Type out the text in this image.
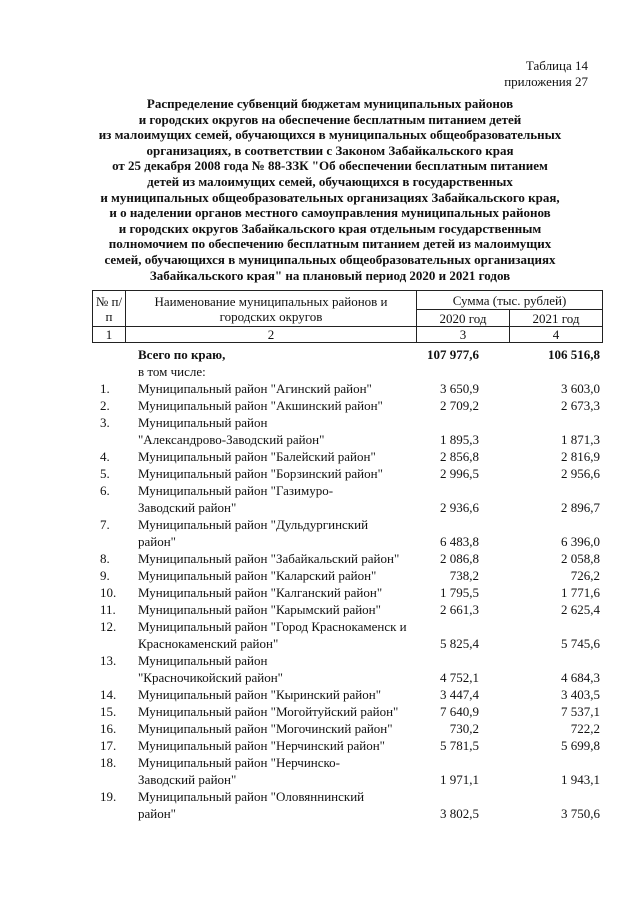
Таблица 14
приложения 27
Распределение субвенций бюджетам муниципальных районов
и городских округов на обеспечение бесплатным питанием детей
из малоимущих семей, обучающихся в муниципальных общеобразовательных
организациях, в соответствии с Законом Забайкальского края
от 25 декабря 2008 года № 88-ЗЗК "Об обеспечении бесплатным питанием
детей из малоимущих семей, обучающихся в государственных
и муниципальных общеобразовательных организациях Забайкальского края,
и о наделении органов местного самоуправления муниципальных районов
и городских округов Забайкальского края отдельным государственным
полномочием по обеспечению бесплатным питанием детей из малоимущих
семей, обучающихся в муниципальных общеобразовательных организациях
Забайкальского края" на плановый период 2020 и 2021 годов
№ п/п	Наименование муниципальных районов и городских округов	Сумма (тыс. рублей)	
		2020 год	2021 год
1	2	3	4
Всего по краю,	107 977,6	106 516,8
в том числе:
1. Муниципальный район "Агинский район"	3 650,9	3 603,0
2. Муниципальный район "Акшинский район"	2 709,2	2 673,3
3. Муниципальный район "Александрово-Заводский район"	1 895,3	1 871,3
4. Муниципальный район "Балейский район"	2 856,8	2 816,9
5. Муниципальный район "Борзинский район"	2 996,5	2 956,6
6. Муниципальный район "Газимуро-Заводский район"	2 936,6	2 896,7
7. Муниципальный район "Дульдургинский район"	6 483,8	6 396,0
8. Муниципальный район "Забайкальский район"	2 086,8	2 058,8
9. Муниципальный район "Каларский район"	738,2	726,2
10. Муниципальный район "Калганский район"	1 795,5	1 771,6
11. Муниципальный район "Карымский район"	2 661,3	2 625,4
12. Муниципальный район "Город Краснокаменск и Краснокаменский район"	5 825,4	5 745,6
13. Муниципальный район "Красночикойский район"	4 752,1	4 684,3
14. Муниципальный район "Кыринский район"	3 447,4	3 403,5
15. Муниципальный район "Могойтуйский район"	7 640,9	7 537,1
16. Муниципальный район "Могочинский район"	730,2	722,2
17. Муниципальный район "Нерчинский район"	5 781,5	5 699,8
18. Муниципальный район "Нерчинско-Заводский район"	1 971,1	1 943,1
19. Муниципальный район "Оловяннинский район"	3 802,5	3 750,6
